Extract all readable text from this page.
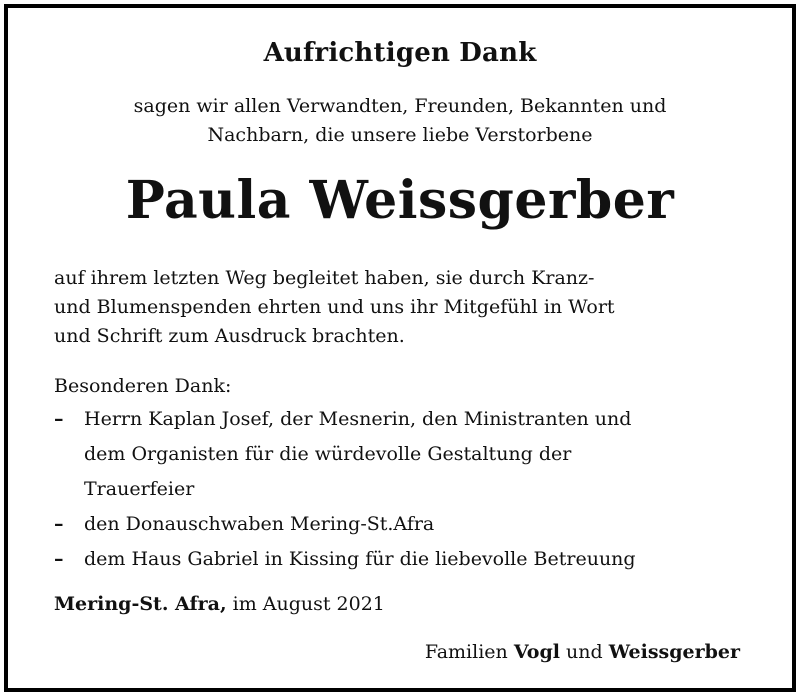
Aufrichtigen Dank
sagen wir allen Verwandten, Freunden, Bekannten und
Nachbarn, die unsere liebe Verstorbene
Paula Weissgerber

auf ihrem letzten Weg begleitet haben, sie durch Kranz-

und Blumenspenden ehrten und uns ihr Mitgefühl in Wort

und Schrift zum Ausdruck brachten.

Besonderen Dank:
– Herrn Kaplan Josef, der Mesnerin, den Ministranten und
dem Organisten für die würdevolle Gestaltung der
Trauerfeier
– den Donauschwaben Mering-St.Afra
– dem Haus Gabriel in Kissing für die liebevolle Betreuung
Mering-St. Afra, im August 2021
Familien Vogl und Weissgerber
